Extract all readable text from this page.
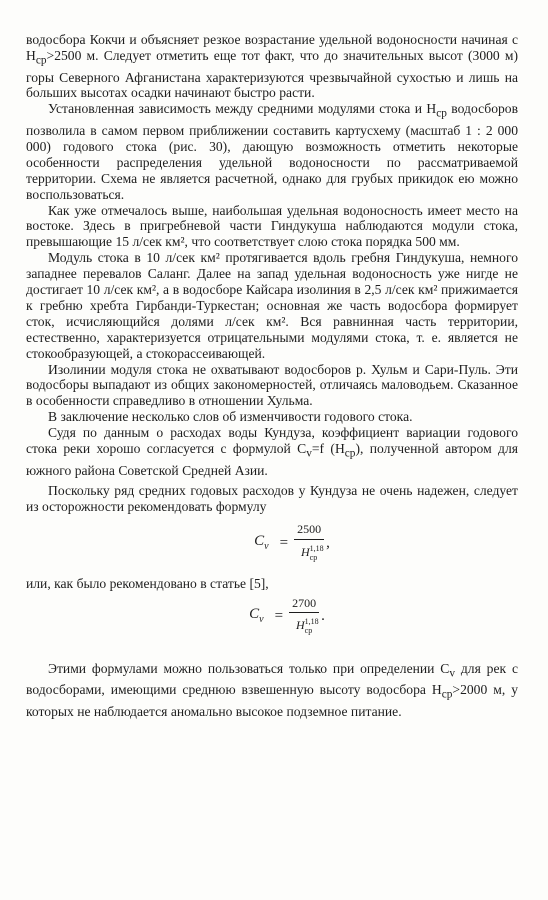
водосбора Кокчи и объясняет резкое возрастание удельной водоносности начиная с $H_{ср}>2500$ м. Следует отметить еще тот факт, что до значительных высот (3000 м) горы Северного Афганистана характеризуются чрезвычайной сухостью и лишь на больших высотах осадки начинают быстро расти.

Установленная зависимость между средними модулями стока и $H_{ср}$ водосборов позволила в самом первом приближении составить картусхему (масштаб 1 : 2 000 000) годового стока (рис. 30), дающую возможность отметить некоторые особенности распределения удельной водоносности по рассматриваемой территории. Схема не является расчетной, однако для грубых прикидок ею можно воспользоваться.

Как уже отмечалось выше, наибольшая удельная водоносность имеет место на востоке. Здесь в пригребневой части Гиндукуша наблюдаются модули стока, превышающие 15 л/сек км², что соответствует слою стока порядка 500 мм.

Модуль стока в 10 л/сек км² протягивается вдоль гребня Гиндукуша, немного западнее перевалов Саланг. Далее на запад удельная водоносность уже нигде не достигает 10 л/сек км², а в водосборе Кайсара изолиния в 2,5 л/сек км² прижимается к гребню хребта Гирбанди-Туркестан; основная же часть водосбора формирует сток, исчисляющийся долями л/сек км². Вся равнинная часть территории, естественно, характеризуется отрицательными модулями стока, т. е. является не стокообразующей, а стокорассеивающей.

Изолинии модуля стока не охватывают водосборов р. Хульм и Сари-Пуль. Эти водосборы выпадают из общих закономерностей, отличаясь маловодьем. Сказанное в особенности справедливо в отношении Хульма.

В заключение несколько слов об изменчивости годового стока.

Судя по данным о расходах воды Кундуза, коэффициент вариации годового стока реки хорошо согласуется с формулой $C_v=f$ $(H_{ср})$, полученной автором для южного района Советской Средней Азии.

Поскольку ряд средних годовых расходов у Кундуза не очень надежен, следует из осторожности рекомендовать формулу

$C_v = \frac{2500}{H^{1,18}_{ср}}$ ,

или, как было рекомендовано в статье [5],

$C_v = \frac{2700}{H^{1,18}_{ср}}$ .

Этими формулами можно пользоваться только при определении $C_v$ для рек с водосборами, имеющими среднюю взвешенную высоту водосбора $H_{ср}>2000$ м, у которых не наблюдается аномально высокое подземное питание.
